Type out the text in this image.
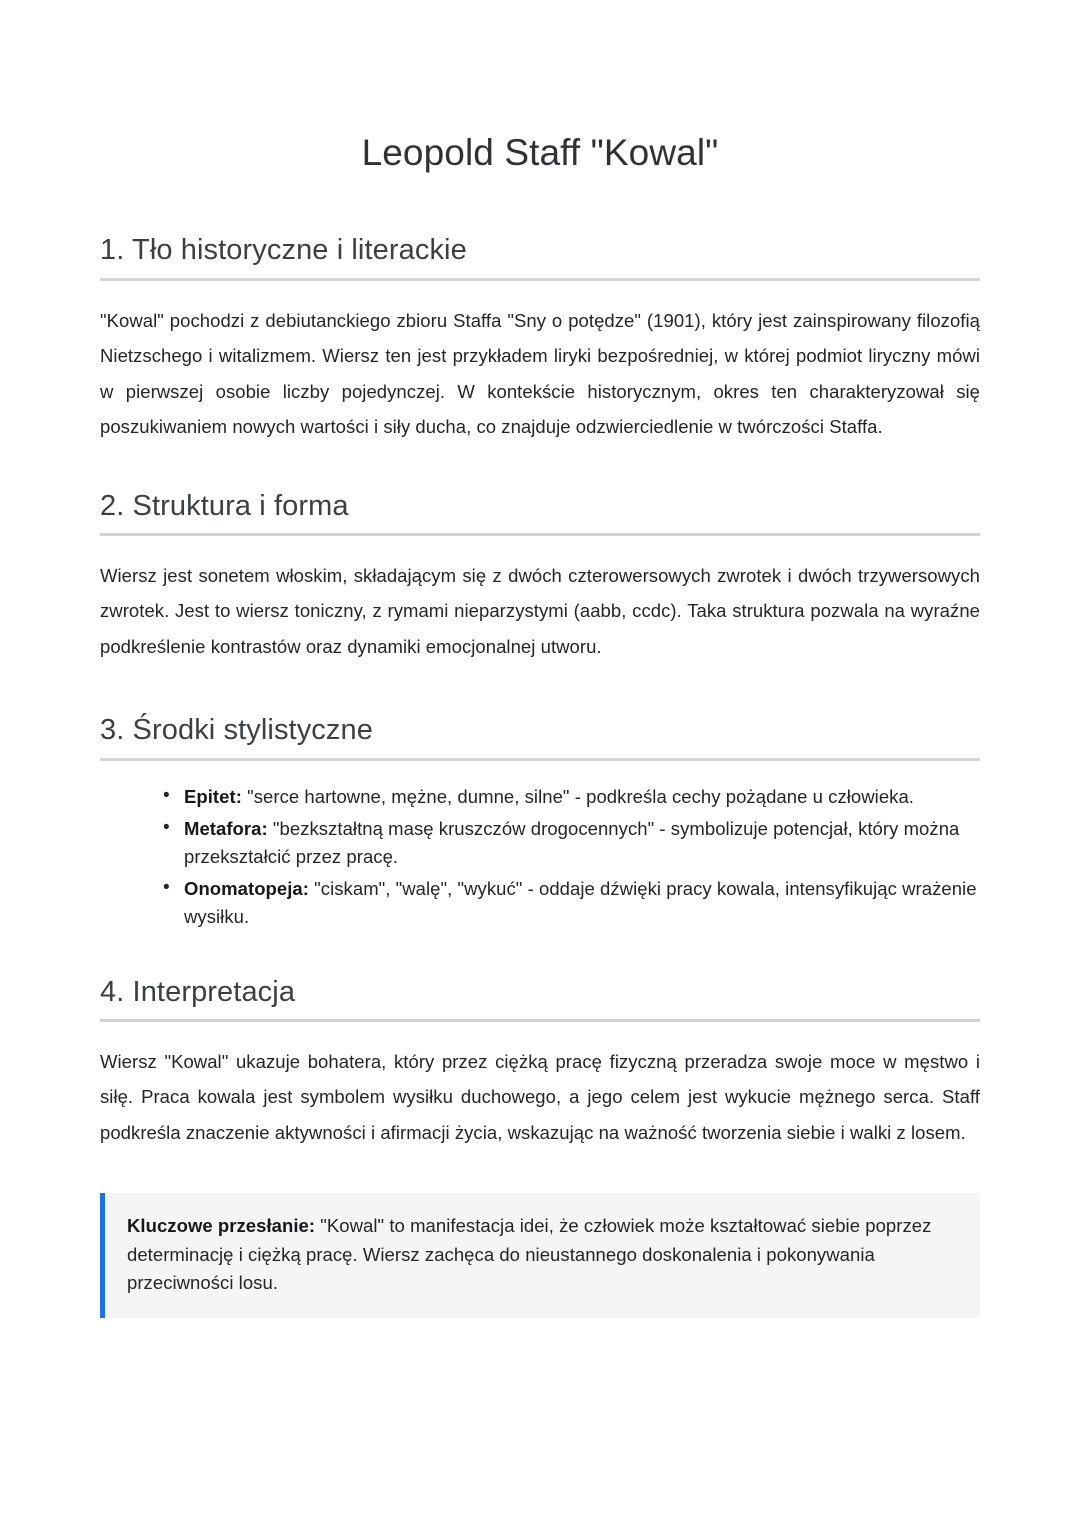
Leopold Staff "Kowal"
1. Tło historyczne i literackie

"Kowal" pochodzi z debiutanckiego zbioru Staffa "Sny o potędze" (1901), który jest zainspirowany filozofią Nietzschego i witalizmem. Wiersz ten jest przykładem liryki bezpośredniej, w której podmiot liryczny mówi w pierwszej osobie liczby pojedynczej. W kontekście historycznym, okres ten charakteryzował się poszukiwaniem nowych wartości i siły ducha, co znajduje odzwierciedlenie w twórczości Staffa.

2. Struktura i forma

Wiersz jest sonetem włoskim, składającym się z dwóch czterowersowych zwrotek i dwóch trzywersowych zwrotek. Jest to wiersz toniczny, z rymami nieparzystymi (aabb, ccdc). Taka struktura pozwala na wyraźne podkreślenie kontrastów oraz dynamiki emocjonalnej utworu.

3. Środki stylistyczne
• Epitet: "serce hartowne, mężne, dumne, silne" - podkreśla cechy pożądane u człowieka.
• Metafora: "bezkształtną masę kruszczów drogocennych" - symbolizuje potencjał, który można przekształcić przez pracę.
• Onomatopeja: "ciskam", "walę", "wykuć" - oddaje dźwięki pracy kowala, intensyfikując wrażenie wysiłku.
4. Interpretacja

Wiersz "Kowal" ukazuje bohatera, który przez ciężką pracę fizyczną przeradza swoje moce w męstwo i siłę. Praca kowala jest symbolem wysiłku duchowego, a jego celem jest wykucie mężnego serca. Staff podkreśla znaczenie aktywności i afirmacji życia, wskazując na ważność tworzenia siebie i walki z losem.

Kluczowe przesłanie: "Kowal" to manifestacja idei, że człowiek może kształtować siebie poprzez determinację i ciężką pracę. Wiersz zachęca do nieustannego doskonalenia i pokonywania przeciwności losu.
